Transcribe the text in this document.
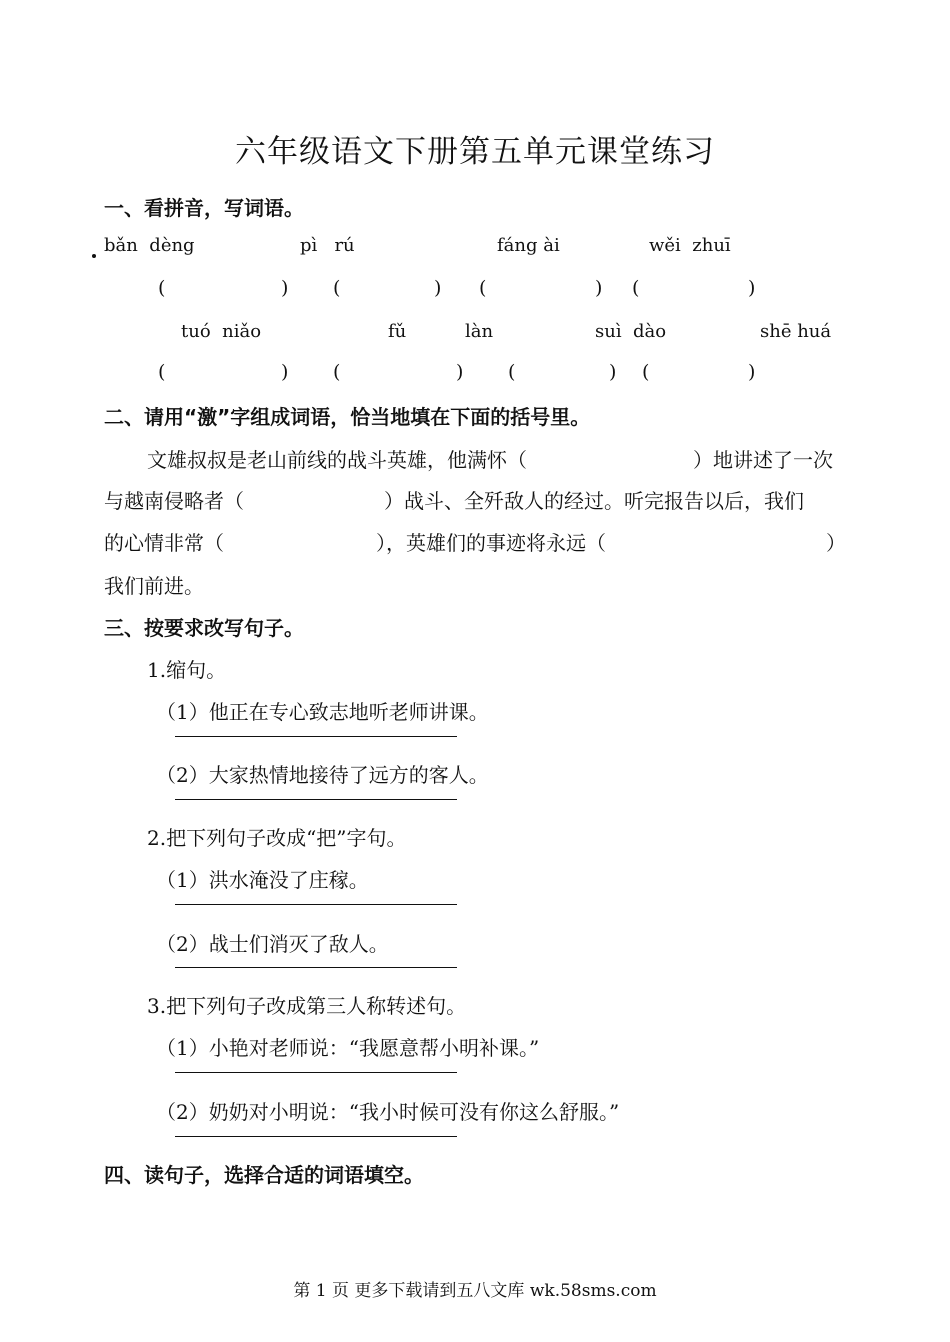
六年级语文下册第五单元课堂练习
一、看拼音，写词语。
bǎn  dèng	pì   rú	fáng ài	wěi  zhuī
(	) (	) (	) (	)
tuó  niǎo	fǔ	làn	suì  dào	shē huá
(	) (	) (	) (	)
二、请用“激”字组成词语，恰当地填在下面的括号里。
文雄叔叔是老山前线的战斗英雄，他满怀（	）地讲述了一次
与越南侵略者（	）战斗、全歼敌人的经过。听完报告以后，我们
的心情非常（	），英雄们的事迹将永远（	）
我们前进。
三、按要求改写句子。
1.缩句。
（1）他正在专心致志地听老师讲课。
（2）大家热情地接待了远方的客人。
2.把下列句子改成“把”字句。
（1）洪水淹没了庄稼。
（2）战士们消灭了敌人。
3.把下列句子改成第三人称转述句。
（1）小艳对老师说：“我愿意帮小明补课。”
（2）奶奶对小明说：“我小时候可没有你这么舒服。”
四、读句子，选择合适的词语填空。
第 1 页 更多下载请到五八文库 wk.58sms.com
